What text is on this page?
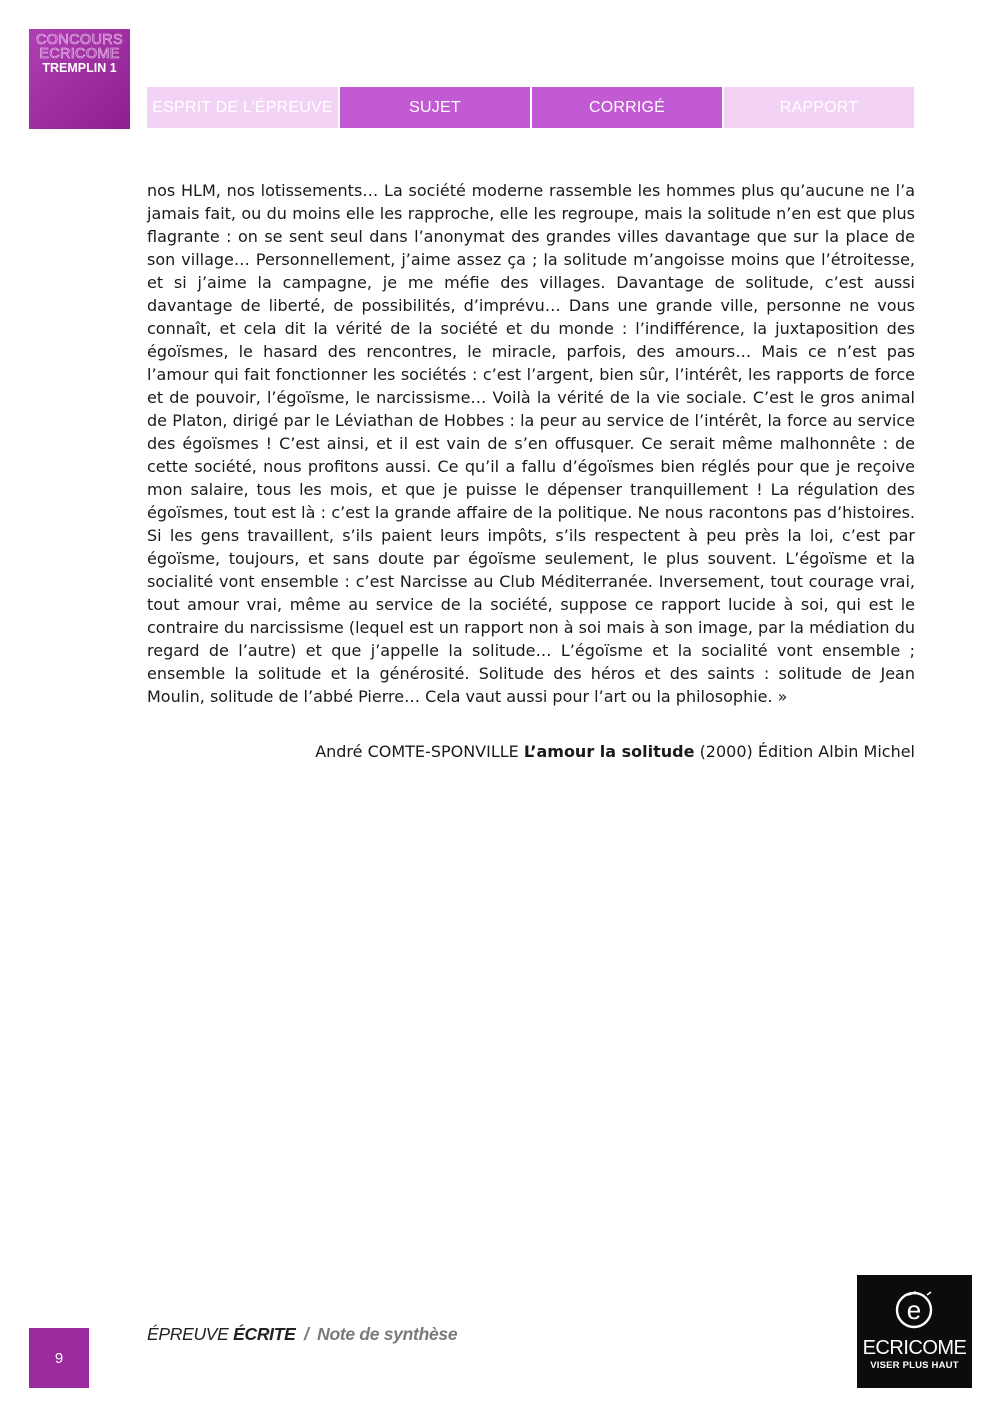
CONCOURS
ECRICOME
TREMPLIN 1
ESPRIT DE L’ÉPREUVE	SUJET	CORRIGÉ	RAPPORT

nos HLM, nos lotissements… La société moderne rassemble les hommes plus qu’aucune ne l’a jamais fait, ou du moins elle les rapproche, elle les regroupe, mais la solitude n’en est que plus flagrante : on se sent seul dans l’anonymat des grandes villes davantage que sur la place de son village… Personnellement, j’aime assez ça ; la solitude m’angoisse moins que l’étroitesse, et si j’aime la campagne, je me méfie des villages. Davantage de solitude, c’est aussi davantage de liberté, de possibilités, d’imprévu… Dans une grande ville, personne ne vous connaît, et cela dit la vérité de la société et du monde : l’indifférence, la juxtaposition des égoïsmes, le hasard des rencontres, le miracle, parfois, des amours… Mais ce n’est pas l’amour qui fait fonctionner les sociétés : c’est l’argent, bien sûr, l’intérêt, les rapports de force et de pouvoir, l’égoïsme, le narcissisme… Voilà la vérité de la vie sociale. C’est le gros animal de Platon, dirigé par le Léviathan de Hobbes : la peur au service de l’intérêt, la force au service des égoïsmes ! C’est ainsi, et il est vain de s’en offusquer. Ce serait même malhonnête : de cette société, nous profitons aussi. Ce qu’il a fallu d’égoïsmes bien réglés pour que je reçoive mon salaire, tous les mois, et que je puisse le dépenser tranquillement ! La régulation des égoïsmes, tout est là : c’est la grande affaire de la politique. Ne nous racontons pas d’histoires. Si les gens travaillent, s’ils paient leurs impôts, s’ils respectent à peu près la loi, c’est par égoïsme, toujours, et sans doute par égoïsme seulement, le plus souvent. L’égoïsme et la socialité vont ensemble : c’est Narcisse au Club Méditerranée. Inversement, tout courage vrai, tout amour vrai, même au service de la société, suppose ce rapport lucide à soi, qui est le contraire du narcissisme (lequel est un rapport non à soi mais à son image, par la médiation du regard de l’autre) et que j’appelle la solitude… L’égoïsme et la socialité vont ensemble ; ensemble la solitude et la générosité. Solitude des héros et des saints : solitude de Jean Moulin, solitude de l’abbé Pierre… Cela vaut aussi pour l’art ou la philosophie. »

André COMTE-SPONVILLE L’amour la solitude (2000) Édition Albin Michel
9
ÉPREUVE ÉCRITE / Note de synthèse
e
ECRICOME
VISER PLUS HAUT
